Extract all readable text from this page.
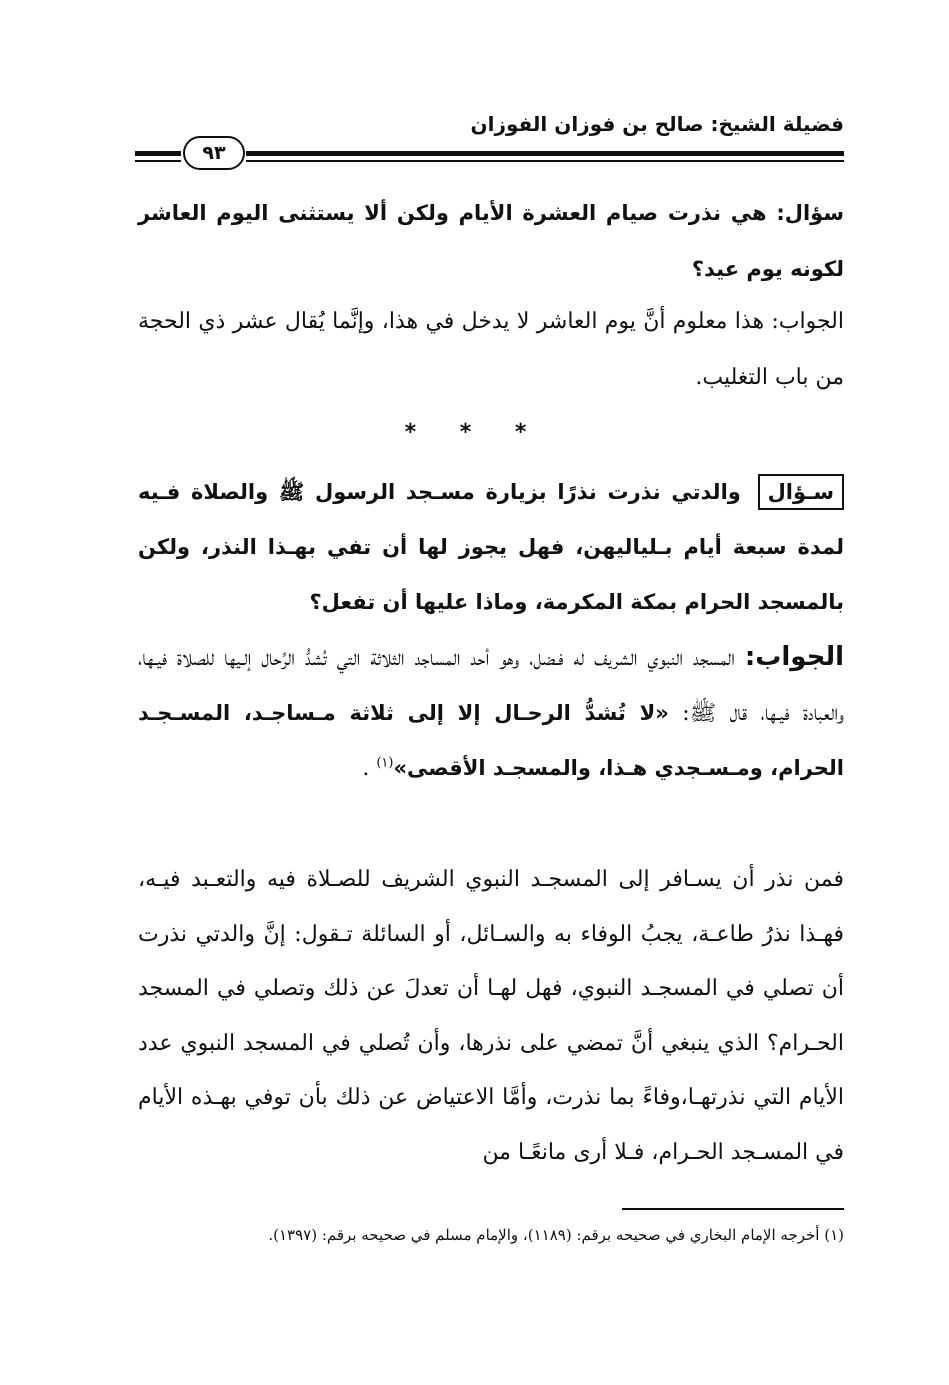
فضيلة الشيخ: صالح بن فوزان الفوزان
٩٣
سؤال: هي نذرت صيام العشرة الأيام ولكن ألا يستثنى اليوم العاشر لكونه يوم عيد؟
الجواب: هذا معلوم أنَّ يوم العاشر لا يدخل في هذا، وإنَّما يُقال عشر ذي الحجة من باب التغليب.
* * *
سـؤال والدتي نذرت نذرًا بزيارة مسـجد الرسول ﷺ والصلاة فـيه لمدة سبعة أيام بـلياليهن، فهل يجوز لها أن تفي بهـذا النذر، ولكن بالمسجد الحرام بمكة المكرمة، وماذا عليها أن تفعل؟
الجواب: المسجد النبوي الشريف له فـضل، وهو أحد المساجد الثلاثة التي تُشدُّ الرِّحال إلـيها للصلاة فيـها، والعبادة فيـها، قال ﷺ: «لا تُشدُّ الرحـال إلا إلى ثلاثة مـساجـد، المسـجـد الحرام، ومـسـجدي هـذا، والمسجـد الأقصى»$^{(١)}$ .
فمن نذر أن يسـافر إلى المسجـد النبوي الشريف للصـلاة فيه والتعـبد فيـه، فهـذا نذرُ طاعـة، يجبُ الوفاء به والسـائل، أو السائلة تـقول: إنَّ والدتي نذرت أن تصلي في المسجـد النبوي، فهل لهـا أن تعدلَ عن ذلك وتصلي في المسجد الحـرام؟ الذي ينبغي أنَّ تمضي على نذرها، وأن تُصلي في المسجد النبوي عدد الأيام التي نذرتهـا،وفاءً بما نذرت، وأمَّا الاعتياض عن ذلك بأن توفي بهـذه الأيام في المسـجد الحـرام، فـلا أرى مانعًـا من
(١) أخرجه الإمام البخاري في صحيحه برقم: (١١٨٩)، والإمام مسلم في صحيحه برقم: (١٣٩٧).
